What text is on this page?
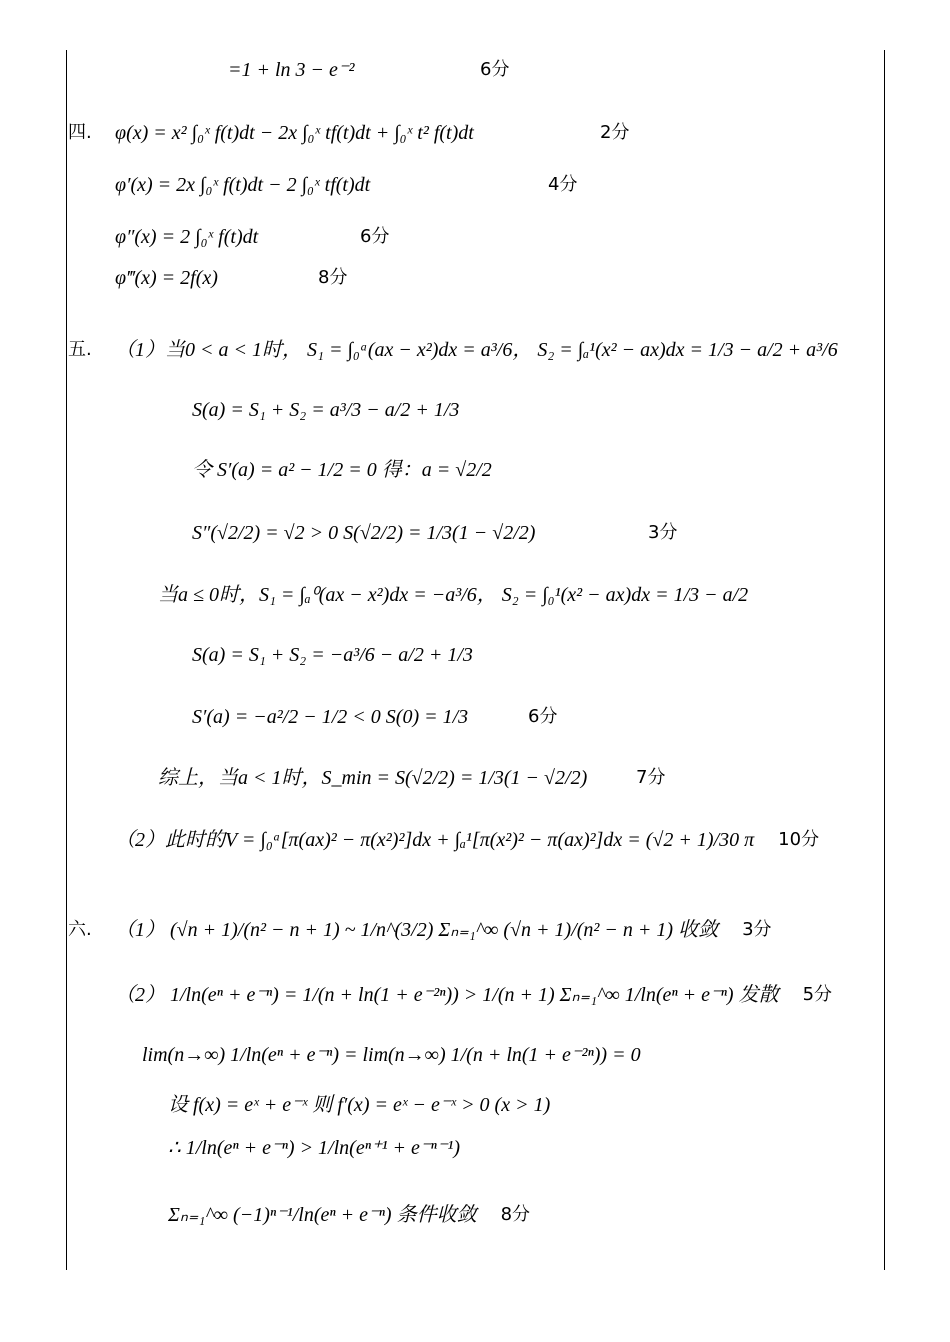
=1 + ln 3 − e⁻²	6分
四. φ(x) = x² ∫₀ˣ f(t)dt − 2x ∫₀ˣ tf(t)dt + ∫₀ˣ t² f(t)dt	2分
φ′(x) = 2x ∫₀ˣ f(t)dt − 2 ∫₀ˣ tf(t)dt	4分
φ″(x) = 2 ∫₀ˣ f(t)dt	6分
φ‴(x) = 2f(x)	8分
五. （1）当0 < a < 1时， S₁ = ∫₀ᵃ(ax − x²)dx = a³/6， S₂ = ∫ₐ¹(x² − ax)dx = 1/3 − a/2 + a³/6
S(a) = S₁ + S₂ = a³/3 − a/2 + 1/3
令 S′(a) = a² − 1/2 = 0 得：a = √2/2
S″(√2/2) = √2 > 0 S(√2/2) = 1/3(1 − √2/2)	3分
当a ≤ 0时，S₁ = ∫ₐ⁰(ax − x²)dx = −a³/6， S₂ = ∫₀¹(x² − ax)dx = 1/3 − a/2
S(a) = S₁ + S₂ = −a³/6 − a/2 + 1/3
S′(a) = −a²/2 − 1/2 < 0 S(0) = 1/3	6分
综上，当a < 1时，S_min = S(√2/2) = 1/3(1 − √2/2)	7分
（2）此时的V = ∫₀ᵃ[π(ax)² − π(x²)²]dx + ∫ₐ¹[π(x²)² − π(ax)²]dx = (√2 + 1)/30 π 10分
六. （1） (√n + 1)/(n² − n + 1) ~ 1/n^(3/2) Σₙ₌₁^∞ (√n + 1)/(n² − n + 1) 收敛 3分
（2） 1/ln(eⁿ + e⁻ⁿ) = 1/(n + ln(1 + e⁻²ⁿ)) > 1/(n + 1) Σₙ₌₁^∞ 1/ln(eⁿ + e⁻ⁿ) 发散 5分
lim(n→∞) 1/ln(eⁿ + e⁻ⁿ) = lim(n→∞) 1/(n + ln(1 + e⁻²ⁿ)) = 0
设 f(x) = eˣ + e⁻ˣ 则 f′(x) = eˣ − e⁻ˣ > 0 (x > 1)
∴ 1/ln(eⁿ + e⁻ⁿ) > 1/ln(eⁿ⁺¹ + e⁻ⁿ⁻¹)
Σₙ₌₁^∞ (−1)ⁿ⁻¹/ln(eⁿ + e⁻ⁿ) 条件收敛 8分
